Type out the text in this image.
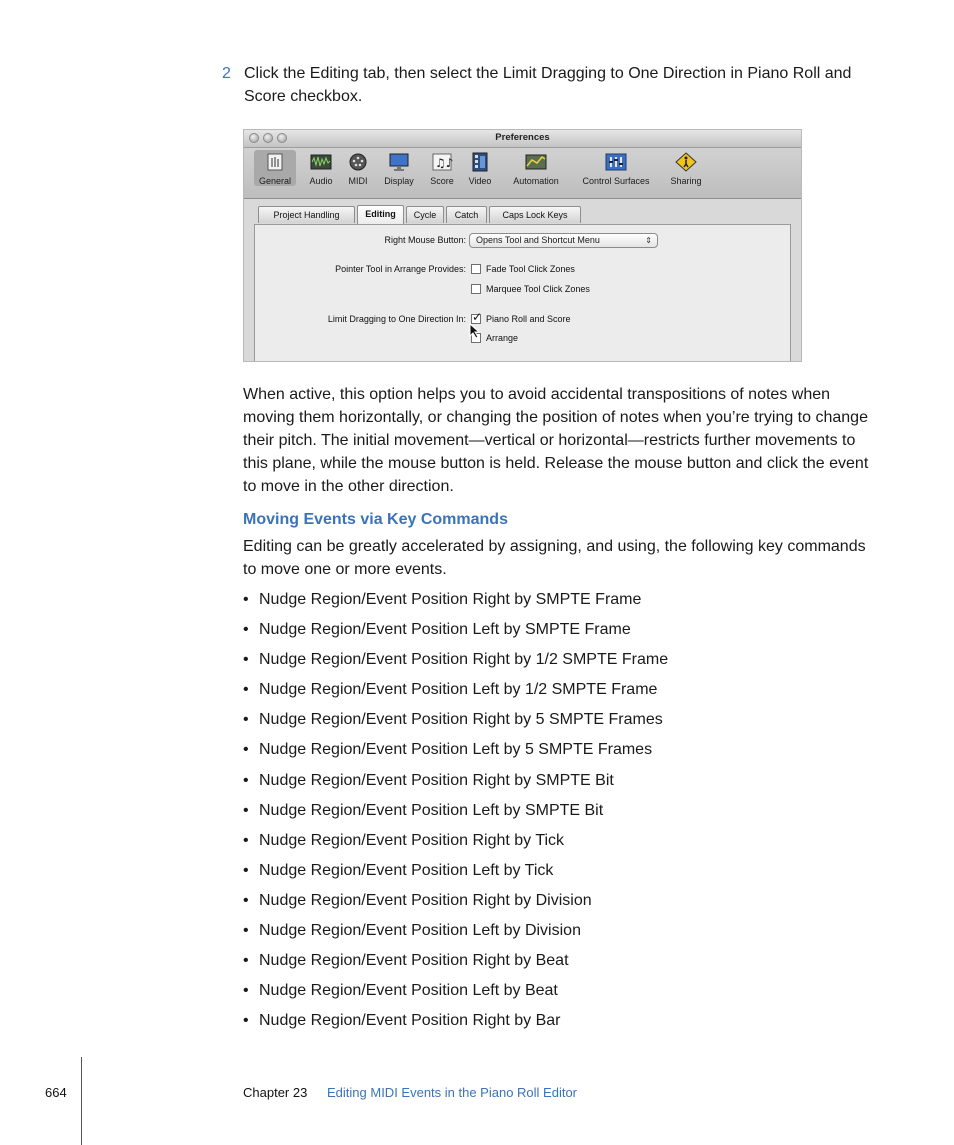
2 Click the Editing tab, then select the Limit Dragging to One Direction in Piano Roll and Score checkbox.
Preferences
General	Audio	MIDI	Display
♫♪
Score	Video	Automation	Control Surfaces	Sharing
Project Handling	Editing	Cycle	Catch	Caps Lock Keys
Right Mouse Button:	Opens Tool and Shortcut Menu	⇕
Pointer Tool in Arrange Provides: Fade Tool Click Zones
Marquee Tool Click Zones
Limit Dragging to One Direction In: ✓ Piano Roll and Score
Arrange
When active, this option helps you to avoid accidental transpositions of notes when moving them horizontally, or changing the position of notes when you’re trying to change their pitch. The initial movement—vertical or horizontal—restricts further movements to this plane, while the mouse button is held. Release the mouse button and click the event to move in the other direction.
Moving Events via Key Commands
Editing can be greatly accelerated by assigning, and using, the following key commands to move one or more events.
• Nudge Region/Event Position Right by SMPTE Frame
• Nudge Region/Event Position Left by SMPTE Frame
• Nudge Region/Event Position Right by 1/2 SMPTE Frame
• Nudge Region/Event Position Left by 1/2 SMPTE Frame
• Nudge Region/Event Position Right by 5 SMPTE Frames
• Nudge Region/Event Position Left by 5 SMPTE Frames
• Nudge Region/Event Position Right by SMPTE Bit
• Nudge Region/Event Position Left by SMPTE Bit
• Nudge Region/Event Position Right by Tick
• Nudge Region/Event Position Left by Tick
• Nudge Region/Event Position Right by Division
• Nudge Region/Event Position Left by Division
• Nudge Region/Event Position Right by Beat
• Nudge Region/Event Position Left by Beat
• Nudge Region/Event Position Right by Bar
664	Chapter 23 Editing MIDI Events in the Piano Roll Editor
